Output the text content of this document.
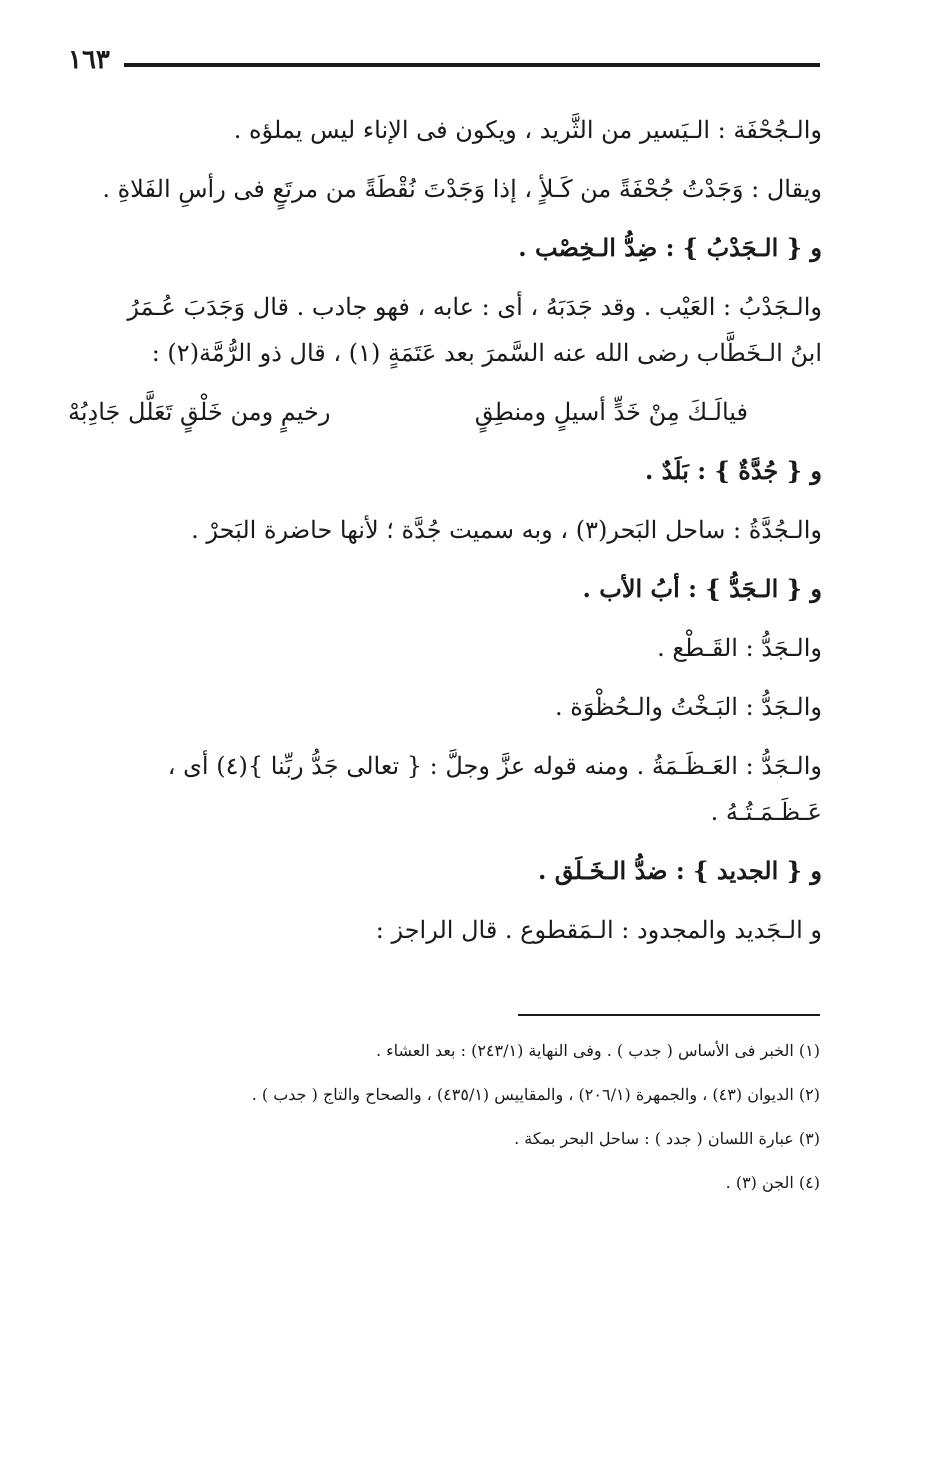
١٦٣
والـجُحْفَة : الـيَسير من الثَّريد ، ويكون فى الإناء ليس يملؤه .
ويقال : وَجَدْتُ جُحْفَةً من كَـلأٍ ، إذا وَجَدْتَ نُقْطَةً من مرتَعٍ فى رأسِ الفَلاةِ .
و { الـجَدْبُ } : ضِدُّ الـخِصْب .
والـجَدْبُ : العَيْب . وقد جَدَبَهُ ، أى : عابه ، فهو جادب . قال وَجَدَبَ عُـمَرُ
ابنُ الـخَطَّاب رضى الله عنه السَّمرَ بعد عَتَمَةٍ (١) ، قال ذو الرُّمَّة(٢) :
فيالَـكَ مِنْ خَدٍّ أسيلٍ ومنطِقٍ
رخيمٍ ومن خَلْقٍ تَعَلَّل جَادِبُهْ
و { جُدَّةٌ } : بَلَدٌ .
والـجُدَّةُ : ساحل البَحر(٣) ، وبه سميت جُدَّة ؛ لأنها حاضرة البَحرْ .
و { الـجَدُّ } : أبُ الأب .
والـجَدُّ : القَـطْع .
والـجَدُّ : البَـخْتُ والـحُظْوَة .
والـجَدُّ : العَـظَـمَةُ . ومنه قوله عزَّ وجلَّ : { تعالى جَدُّ ربِّنا }(٤) أى ،
عَـظَـمَـتُـهُ .
و { الجديد } : ضدُّ الـخَـلَق .
و الـجَديد والمجدود : الـمَقطوع . قال الراجز :
(١) الخبر فى الأساس ( جدب ) . وفى النهاية (٢٤٣/١) : بعد العشاء .
(٢) الديوان (٤٣) ، والجمهرة (٢٠٦/١) ، والمقاييس (٤٣٥/١) ، والصحاح والتاج ( جدب ) .
(٣) عبارة اللسان ( جدد ) : ساحل البحر بمكة .
(٤) الجن (٣) .
